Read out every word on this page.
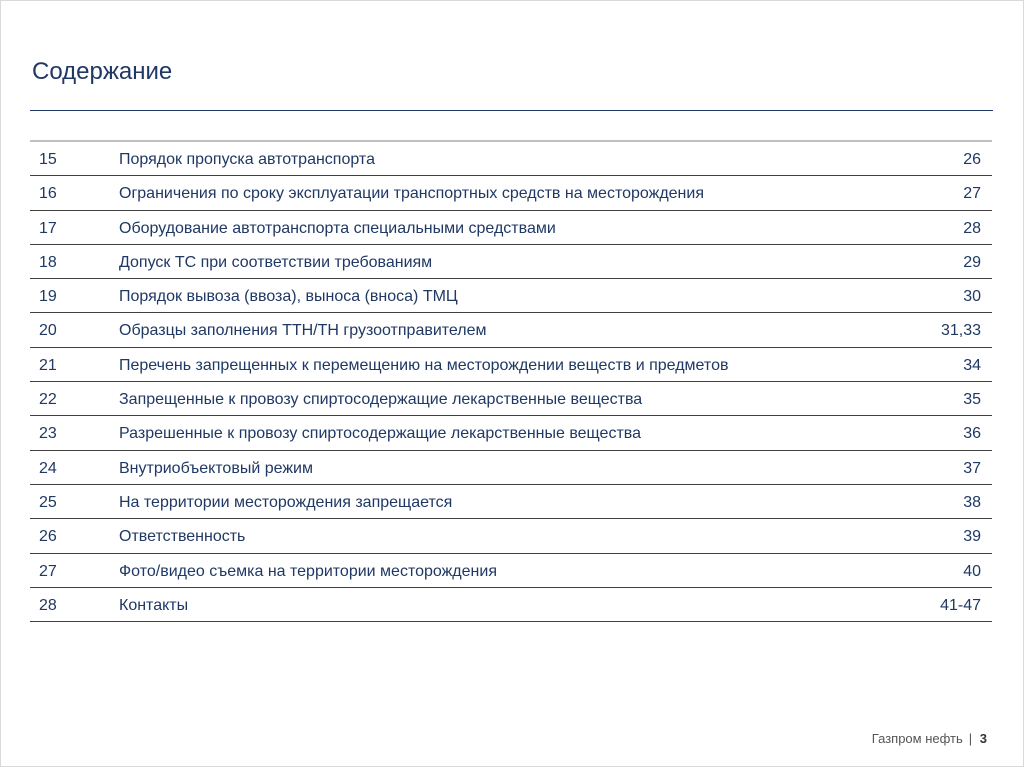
Содержание
15	Порядок пропуска автотранспорта	26
16	Ограничения по сроку эксплуатации транспортных средств на месторождения	27
17	Оборудование автотранспорта специальными средствами	28
18	Допуск ТС при соответствии требованиям	29
19	Порядок вывоза (ввоза), выноса (вноса) ТМЦ	30
20	Образцы заполнения ТТН/ТН грузоотправителем	31,33
21	Перечень запрещенных к перемещению на месторождении веществ и предметов	34
22	Запрещенные к провозу спиртосодержащие лекарственные вещества	35
23	Разрешенные к провозу спиртосодержащие лекарственные вещества	36
24	Внутриобъектовый режим	37
25	На территории месторождения запрещается	38
26	Ответственность	39
27	Фото/видео съемка на территории месторождения	40
28	Контакты	41-47
Газпром нефть | 3
